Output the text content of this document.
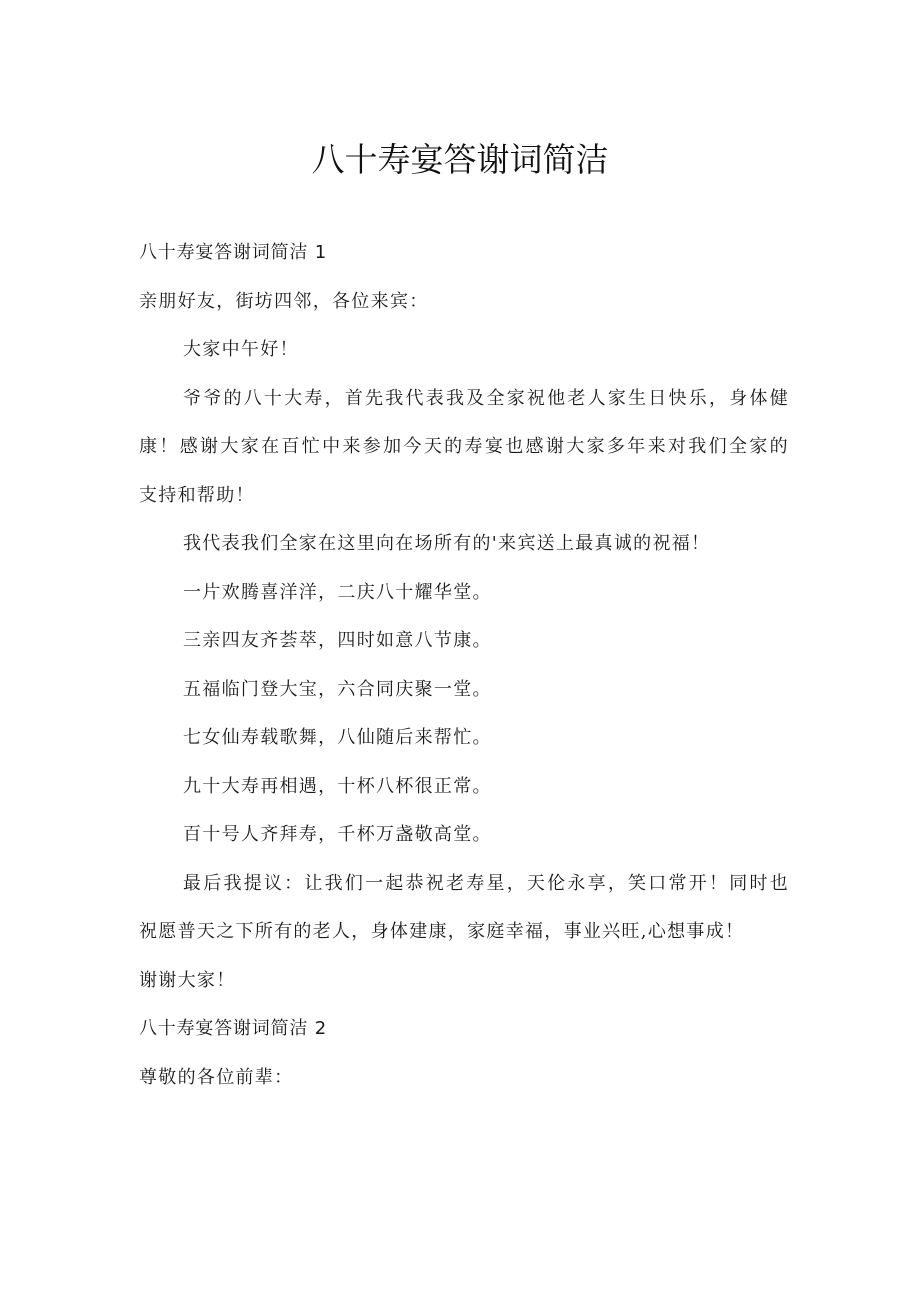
八十寿宴答谢词简洁

八十寿宴答谢词简洁 1

亲朋好友，街坊四邻，各位来宾：

大家中午好！

爷爷的八十大寿，首先我代表我及全家祝他老人家生日快乐，身体健

康！感谢大家在百忙中来参加今天的寿宴也感谢大家多年来对我们全家的

支持和帮助！

我代表我们全家在这里向在场所有的'来宾送上最真诚的祝福！

一片欢腾喜洋洋，二庆八十耀华堂。

三亲四友齐荟萃，四时如意八节康。

五福临门登大宝，六合同庆聚一堂。

七女仙寿载歌舞，八仙随后来帮忙。

九十大寿再相遇，十杯八杯很正常。

百十号人齐拜寿，千杯万盏敬高堂。

最后我提议：让我们一起恭祝老寿星，天伦永享，笑口常开！同时也

祝愿普天之下所有的老人，身体建康，家庭幸福，事业兴旺,心想事成！

谢谢大家！

八十寿宴答谢词简洁 2

尊敬的各位前辈：
